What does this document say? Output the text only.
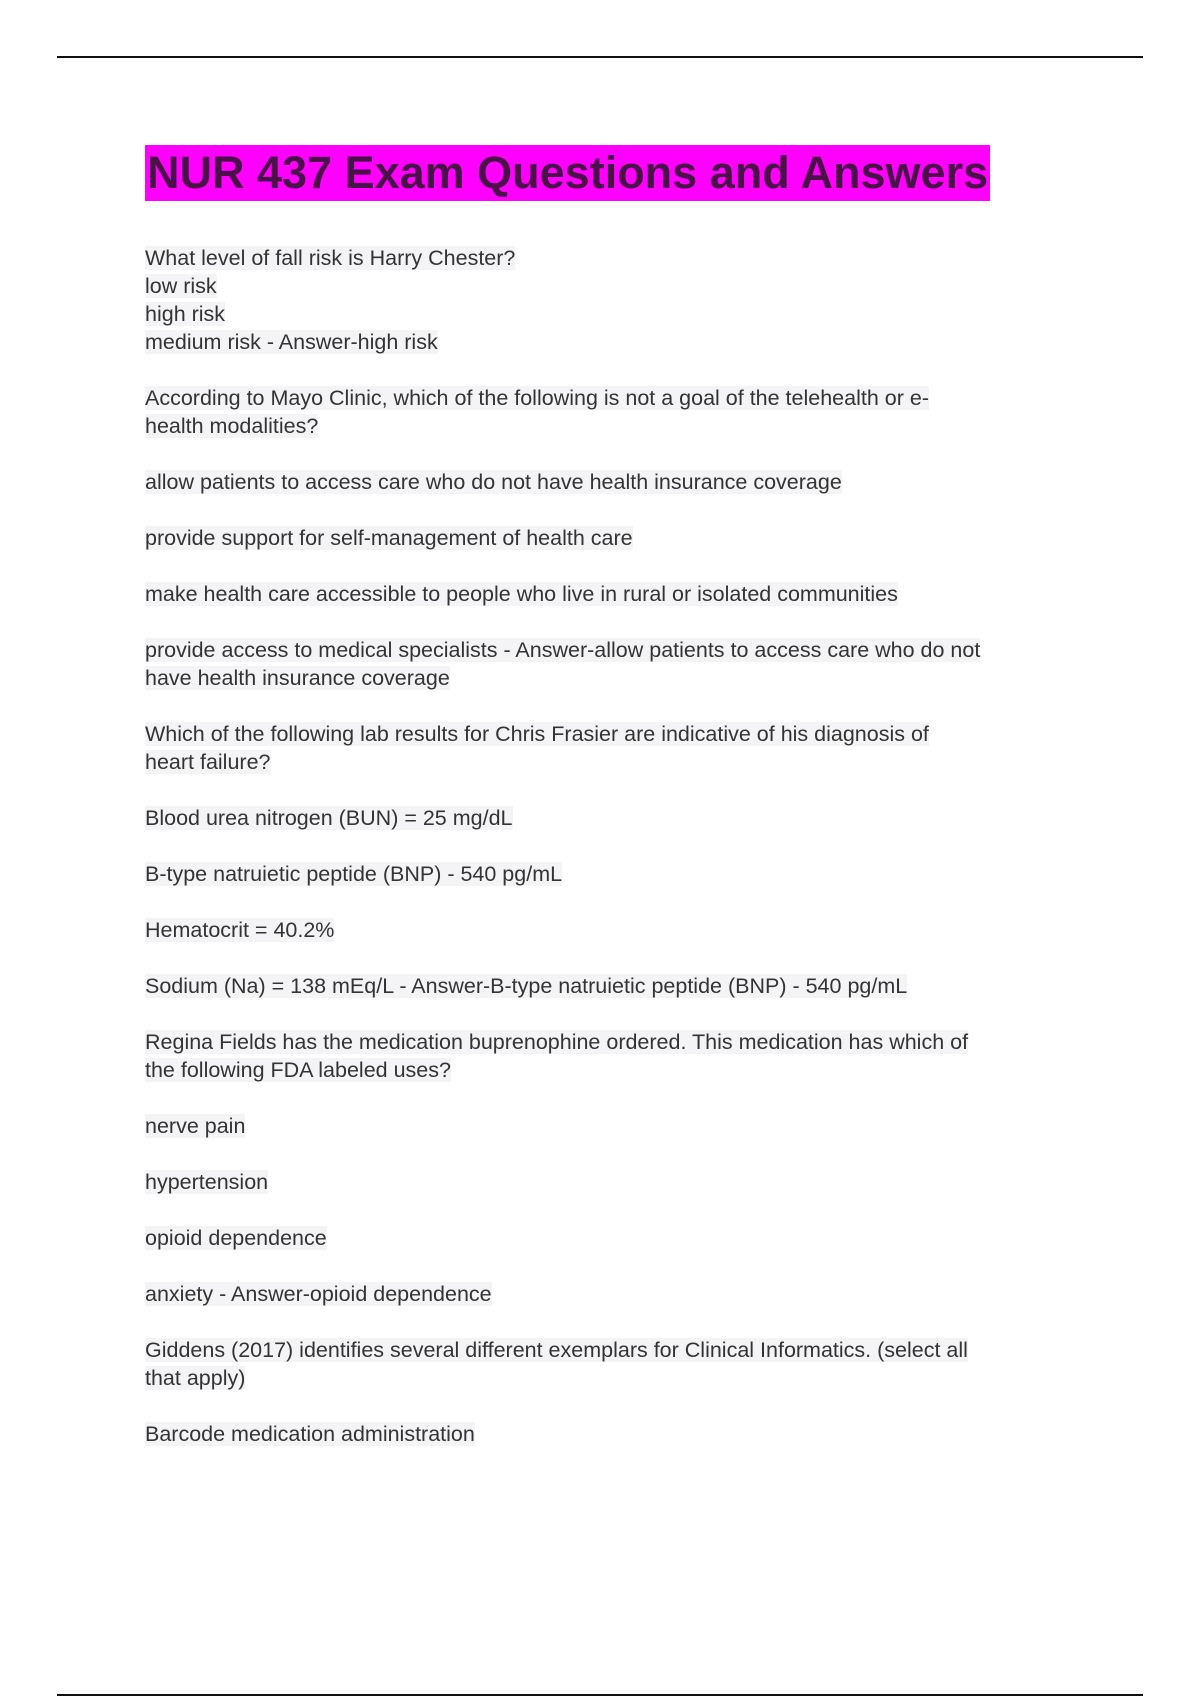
NUR 437 Exam Questions and Answers

What level of fall risk is Harry Chester?
low risk
high risk
medium risk - Answer-high risk

According to Mayo Clinic, which of the following is not a goal of the telehealth or e-
health modalities?

allow patients to access care who do not have health insurance coverage

provide support for self-management of health care

make health care accessible to people who live in rural or isolated communities

provide access to medical specialists - Answer-allow patients to access care who do not
have health insurance coverage

Which of the following lab results for Chris Frasier are indicative of his diagnosis of
heart failure?

Blood urea nitrogen (BUN) = 25 mg/dL

B-type natruietic peptide (BNP) - 540 pg/mL

Hematocrit = 40.2%

Sodium (Na) = 138 mEq/L - Answer-B-type natruietic peptide (BNP) - 540 pg/mL

Regina Fields has the medication buprenophine ordered. This medication has which of
the following FDA labeled uses?

nerve pain

hypertension

opioid dependence

anxiety - Answer-opioid dependence

Giddens (2017) identifies several different exemplars for Clinical Informatics. (select all
that apply)

Barcode medication administration
